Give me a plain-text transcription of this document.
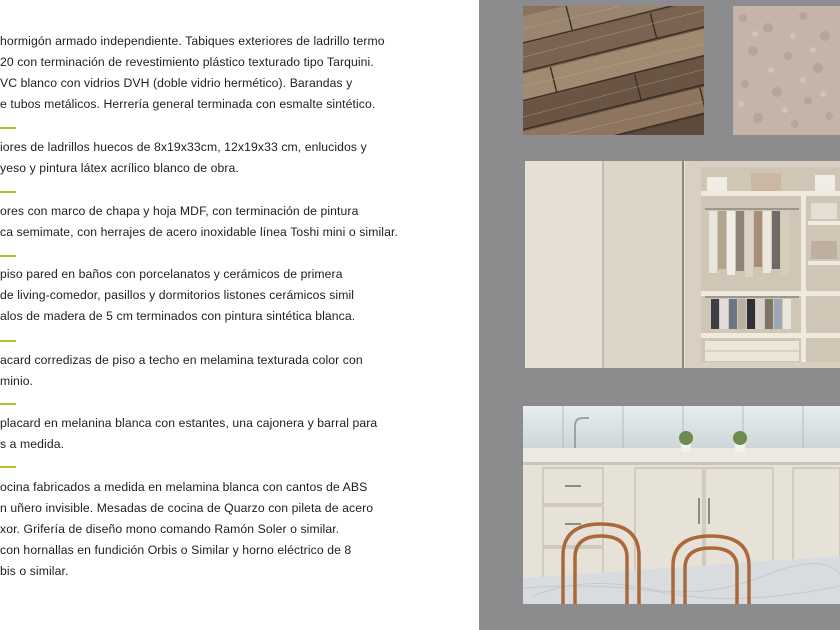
hormigón armado independiente. Tabiques exteriores de ladrillo termo
20 con terminación de revestimiento plástico texturado tipo Tarquini.
VC blanco con vidrios DVH (doble vidrio hermético). Barandas y
e tubos metálicos. Herrería general terminada con esmalte sintético.
iores de ladrillos huecos de 8x19x33cm, 12x19x33 cm, enlucidos y
yeso y pintura látex acrílico blanco de obra.
ores con marco de chapa y hoja MDF, con terminación de pintura
ca semimate, con herrajes de acero inoxidable línea Toshi mini o similar.
piso pared en baños con porcelanatos y cerámicos de primera
de living-comedor, pasillos y dormitorios listones cerámicos simil
alos de madera de 5 cm terminados con pintura sintética blanca.
acard corredizas de piso a techo en melamina texturada color con
minio.
placard en melanina blanca con estantes, una cajonera y barral para
s a medida.
ocina fabricados a medida en melamina blanca con cantos de ABS
n uñero invisible. Mesadas de cocina de Quarzo con pileta de acero
xor. Grifería de diseño mono comando Ramón Soler o similar.
con hornallas en fundición Orbis o Similar y horno eléctrico de 8
bis o similar.
